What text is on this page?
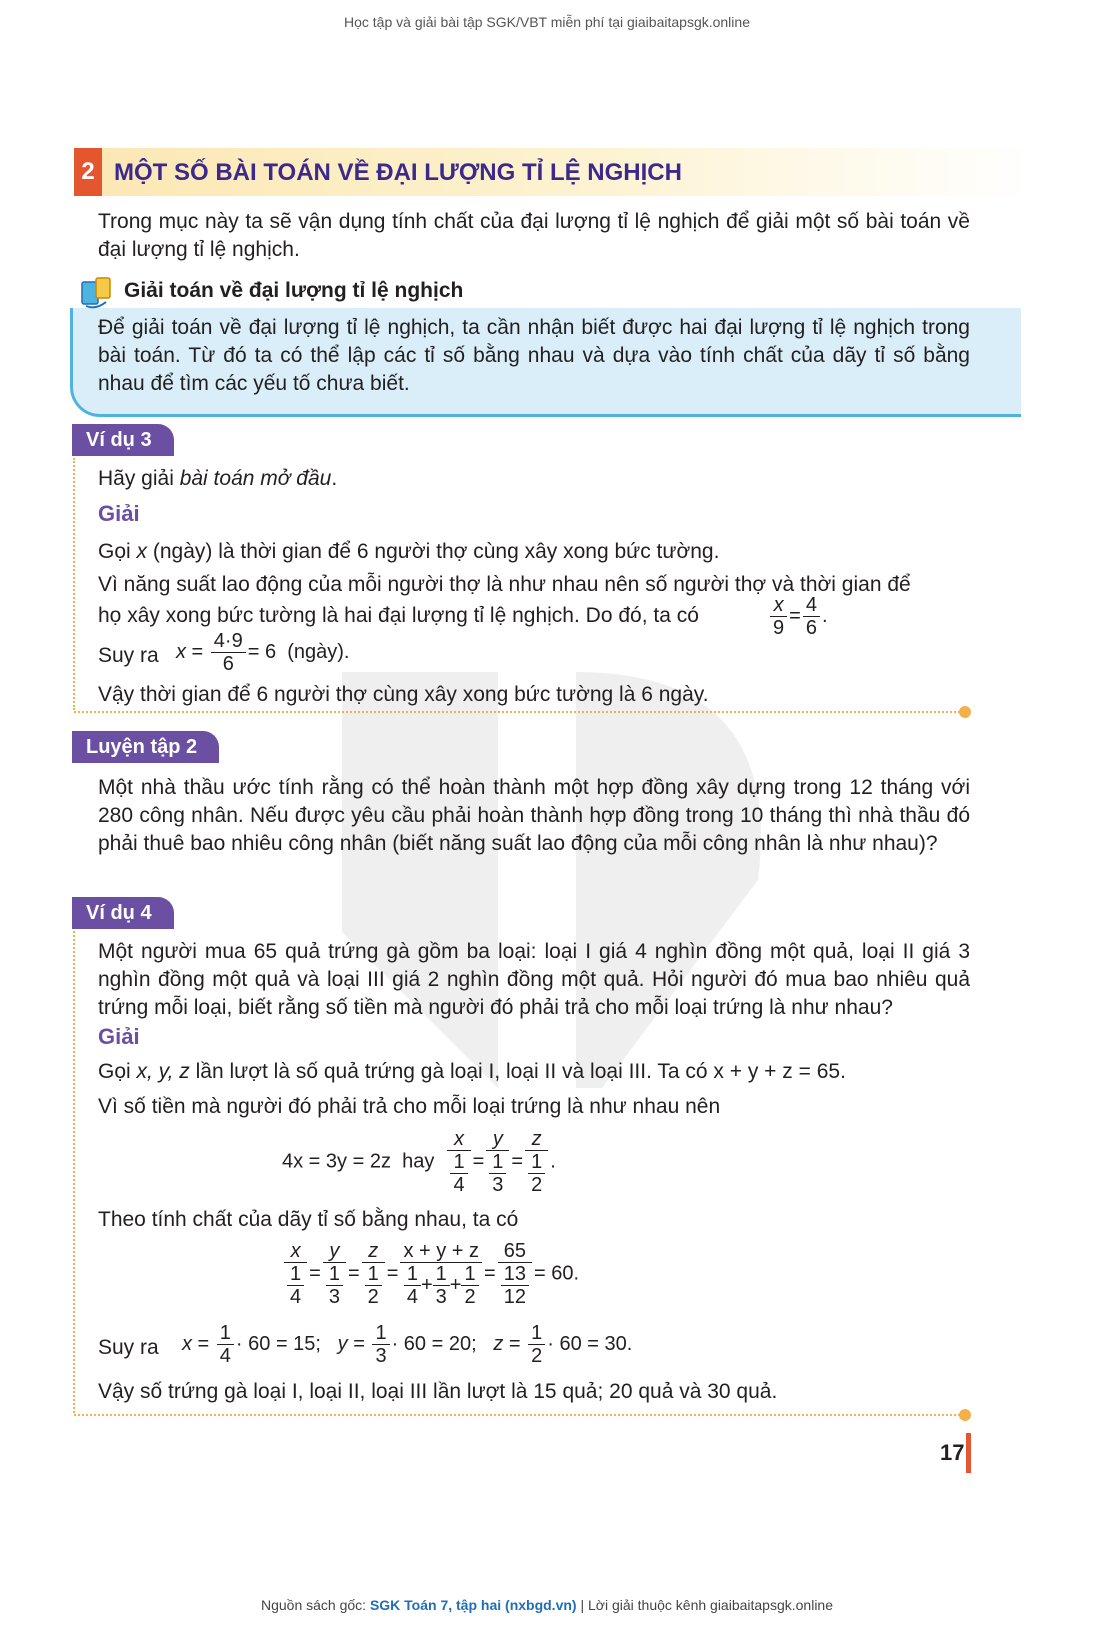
Học tập và giải bài tập SGK/VBT miễn phí tại giaibaitapsgk.online
2 MỘT SỐ BÀI TOÁN VỀ ĐẠI LƯỢNG TỈ LỆ NGHỊCH
Trong mục này ta sẽ vận dụng tính chất của đại lượng tỉ lệ nghịch để giải một số bài toán về đại lượng tỉ lệ nghịch.
Giải toán về đại lượng tỉ lệ nghịch
Để giải toán về đại lượng tỉ lệ nghịch, ta cần nhận biết được hai đại lượng tỉ lệ nghịch trong bài toán. Từ đó ta có thể lập các tỉ số bằng nhau và dựa vào tính chất của dãy tỉ số bằng nhau để tìm các yếu tố chưa biết.
Ví dụ 3
Hãy giải bài toán mở đầu.
Giải
Gọi x (ngày) là thời gian để 6 người thợ cùng xây xong bức tường.
Vì năng suất lao động của mỗi người thợ là như nhau nên số người thợ và thời gian để
họ xây xong bức tường là hai đại lượng tỉ lệ nghịch. Do đó, ta có	$\frac{x}{9} = \frac{4}{6}$ .
Suy ra $x = \frac{4\cdot 9}{6} = 6$ (ngày).
Vậy thời gian để 6 người thợ cùng xây xong bức tường là 6 ngày.
Luyện tập 2
Một nhà thầu ước tính rằng có thể hoàn thành một hợp đồng xây dựng trong 12 tháng với 280 công nhân. Nếu được yêu cầu phải hoàn thành hợp đồng trong 10 tháng thì nhà thầu đó phải thuê bao nhiêu công nhân (biết năng suất lao động của mỗi công nhân là như nhau)?
Ví dụ 4
Một người mua 65 quả trứng gà gồm ba loại: loại I giá 4 nghìn đồng một quả, loại II giá 3 nghìn đồng một quả và loại III giá 2 nghìn đồng một quả. Hỏi người đó mua bao nhiêu quả trứng mỗi loại, biết rằng số tiền mà người đó phải trả cho mỗi loại trứng là như nhau?
Giải
Gọi x, y, z lần lượt là số quả trứng gà loại I, loại II và loại III. Ta có x + y + z = 65.
Vì số tiền mà người đó phải trả cho mỗi loại trứng là như nhau nên
4x = 3y = 2z hay $\frac{x}{\frac{1}{4}} = \frac{y}{\frac{1}{3}} = \frac{z}{\frac{1}{2}}$ .
Theo tính chất của dãy tỉ số bằng nhau, ta có
$\frac{x}{\frac{1}{4}} = \frac{y}{\frac{1}{3}} = \frac{z}{\frac{1}{2}} = \frac{x + y + z}{\frac{1}{4} + \frac{1}{3} + \frac{1}{2}} = \frac{65}{\frac{13}{12}} = 60$.
Suy ra $x = \frac{1}{4} \cdot 60 = 15$; $y = \frac{1}{3} \cdot 60 = 20$; $z = \frac{1}{2} \cdot 60 = 30$.
Vậy số trứng gà loại I, loại II, loại III lần lượt là 15 quả; 20 quả và 30 quả.
17
Nguồn sách gốc: SGK Toán 7, tập hai (nxbgd.vn) | Lời giải thuộc kênh giaibaitapsgk.online
